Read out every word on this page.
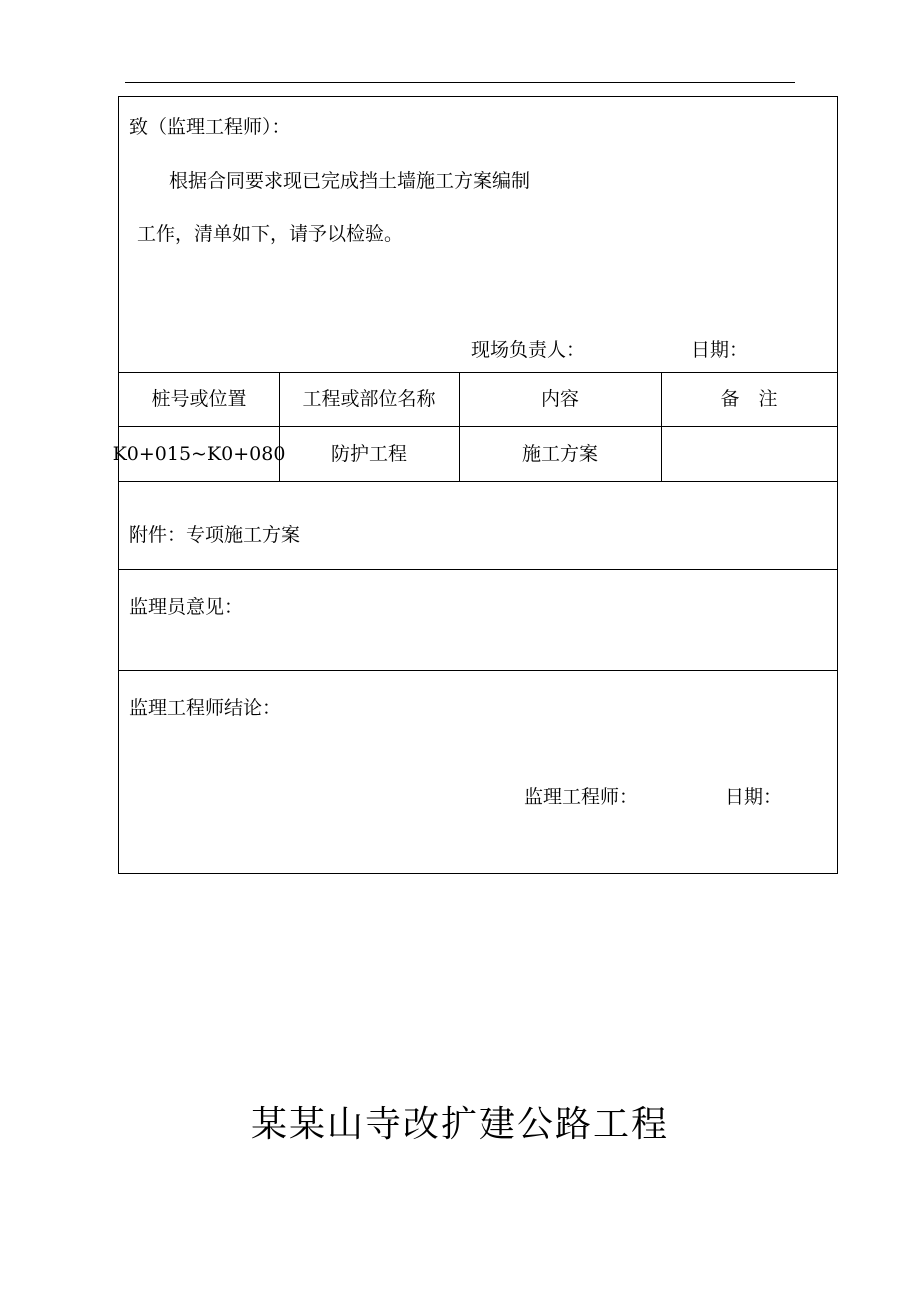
致（监理工程师）：
根据合同要求现已完成挡土墙施工方案编制
工作，清单如下，请予以检验。
现场负责人：	日期：
桩号或位置	工程或部位名称	内容	备　注
K0+015~K0+080	防护工程	施工方案
附件：专项施工方案
监理员意见：
监理工程师结论：
监理工程师：	日期：
某某山寺改扩建公路工程
